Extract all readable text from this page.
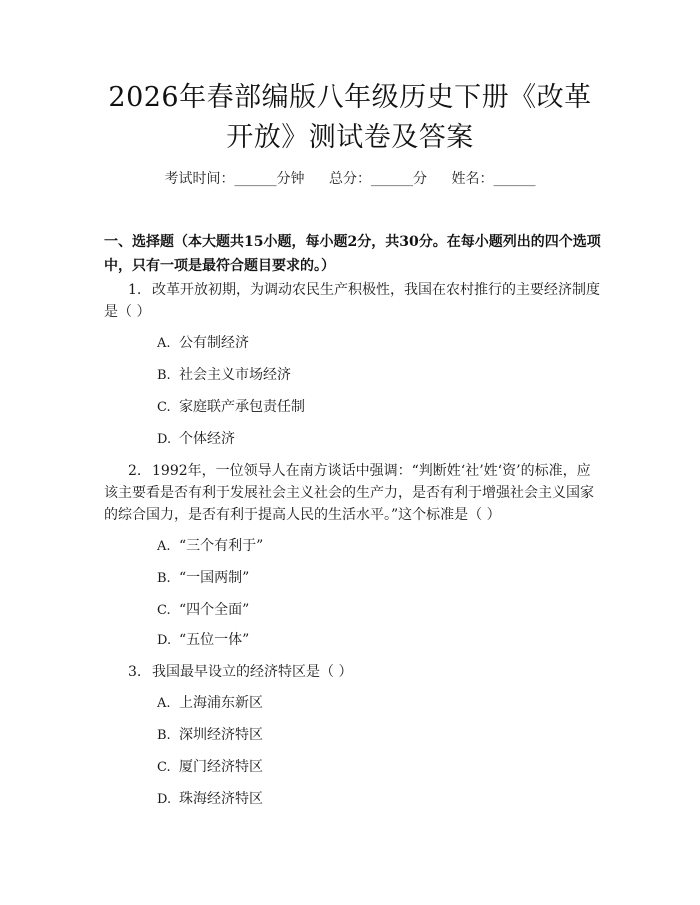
2026年春部编版八年级历史下册《改革开放》测试卷及答案
考试时间：______分钟 总分：______分 姓名：______
一、选择题（本大题共15小题，每小题2分，共30分。在每小题列出的四个选项中，只有一项是最符合题目要求的。）
1. 改革开放初期，为调动农民生产积极性，我国在农村推行的主要经济制度是（ ）
A. 公有制经济
B. 社会主义市场经济
C. 家庭联产承包责任制
D. 个体经济
2. 1992年，一位领导人在南方谈话中强调：“判断姓‘社’姓‘资’的标准，应该主要看是否有利于发展社会主义社会的生产力，是否有利于增强社会主义国家的综合国力，是否有利于提高人民的生活水平。”这个标准是（ ）
A. “三个有利于”
B. “一国两制”
C. “四个全面”
D. “五位一体”
3. 我国最早设立的经济特区是（ ）
A. 上海浦东新区
B. 深圳经济特区
C. 厦门经济特区
D. 珠海经济特区
